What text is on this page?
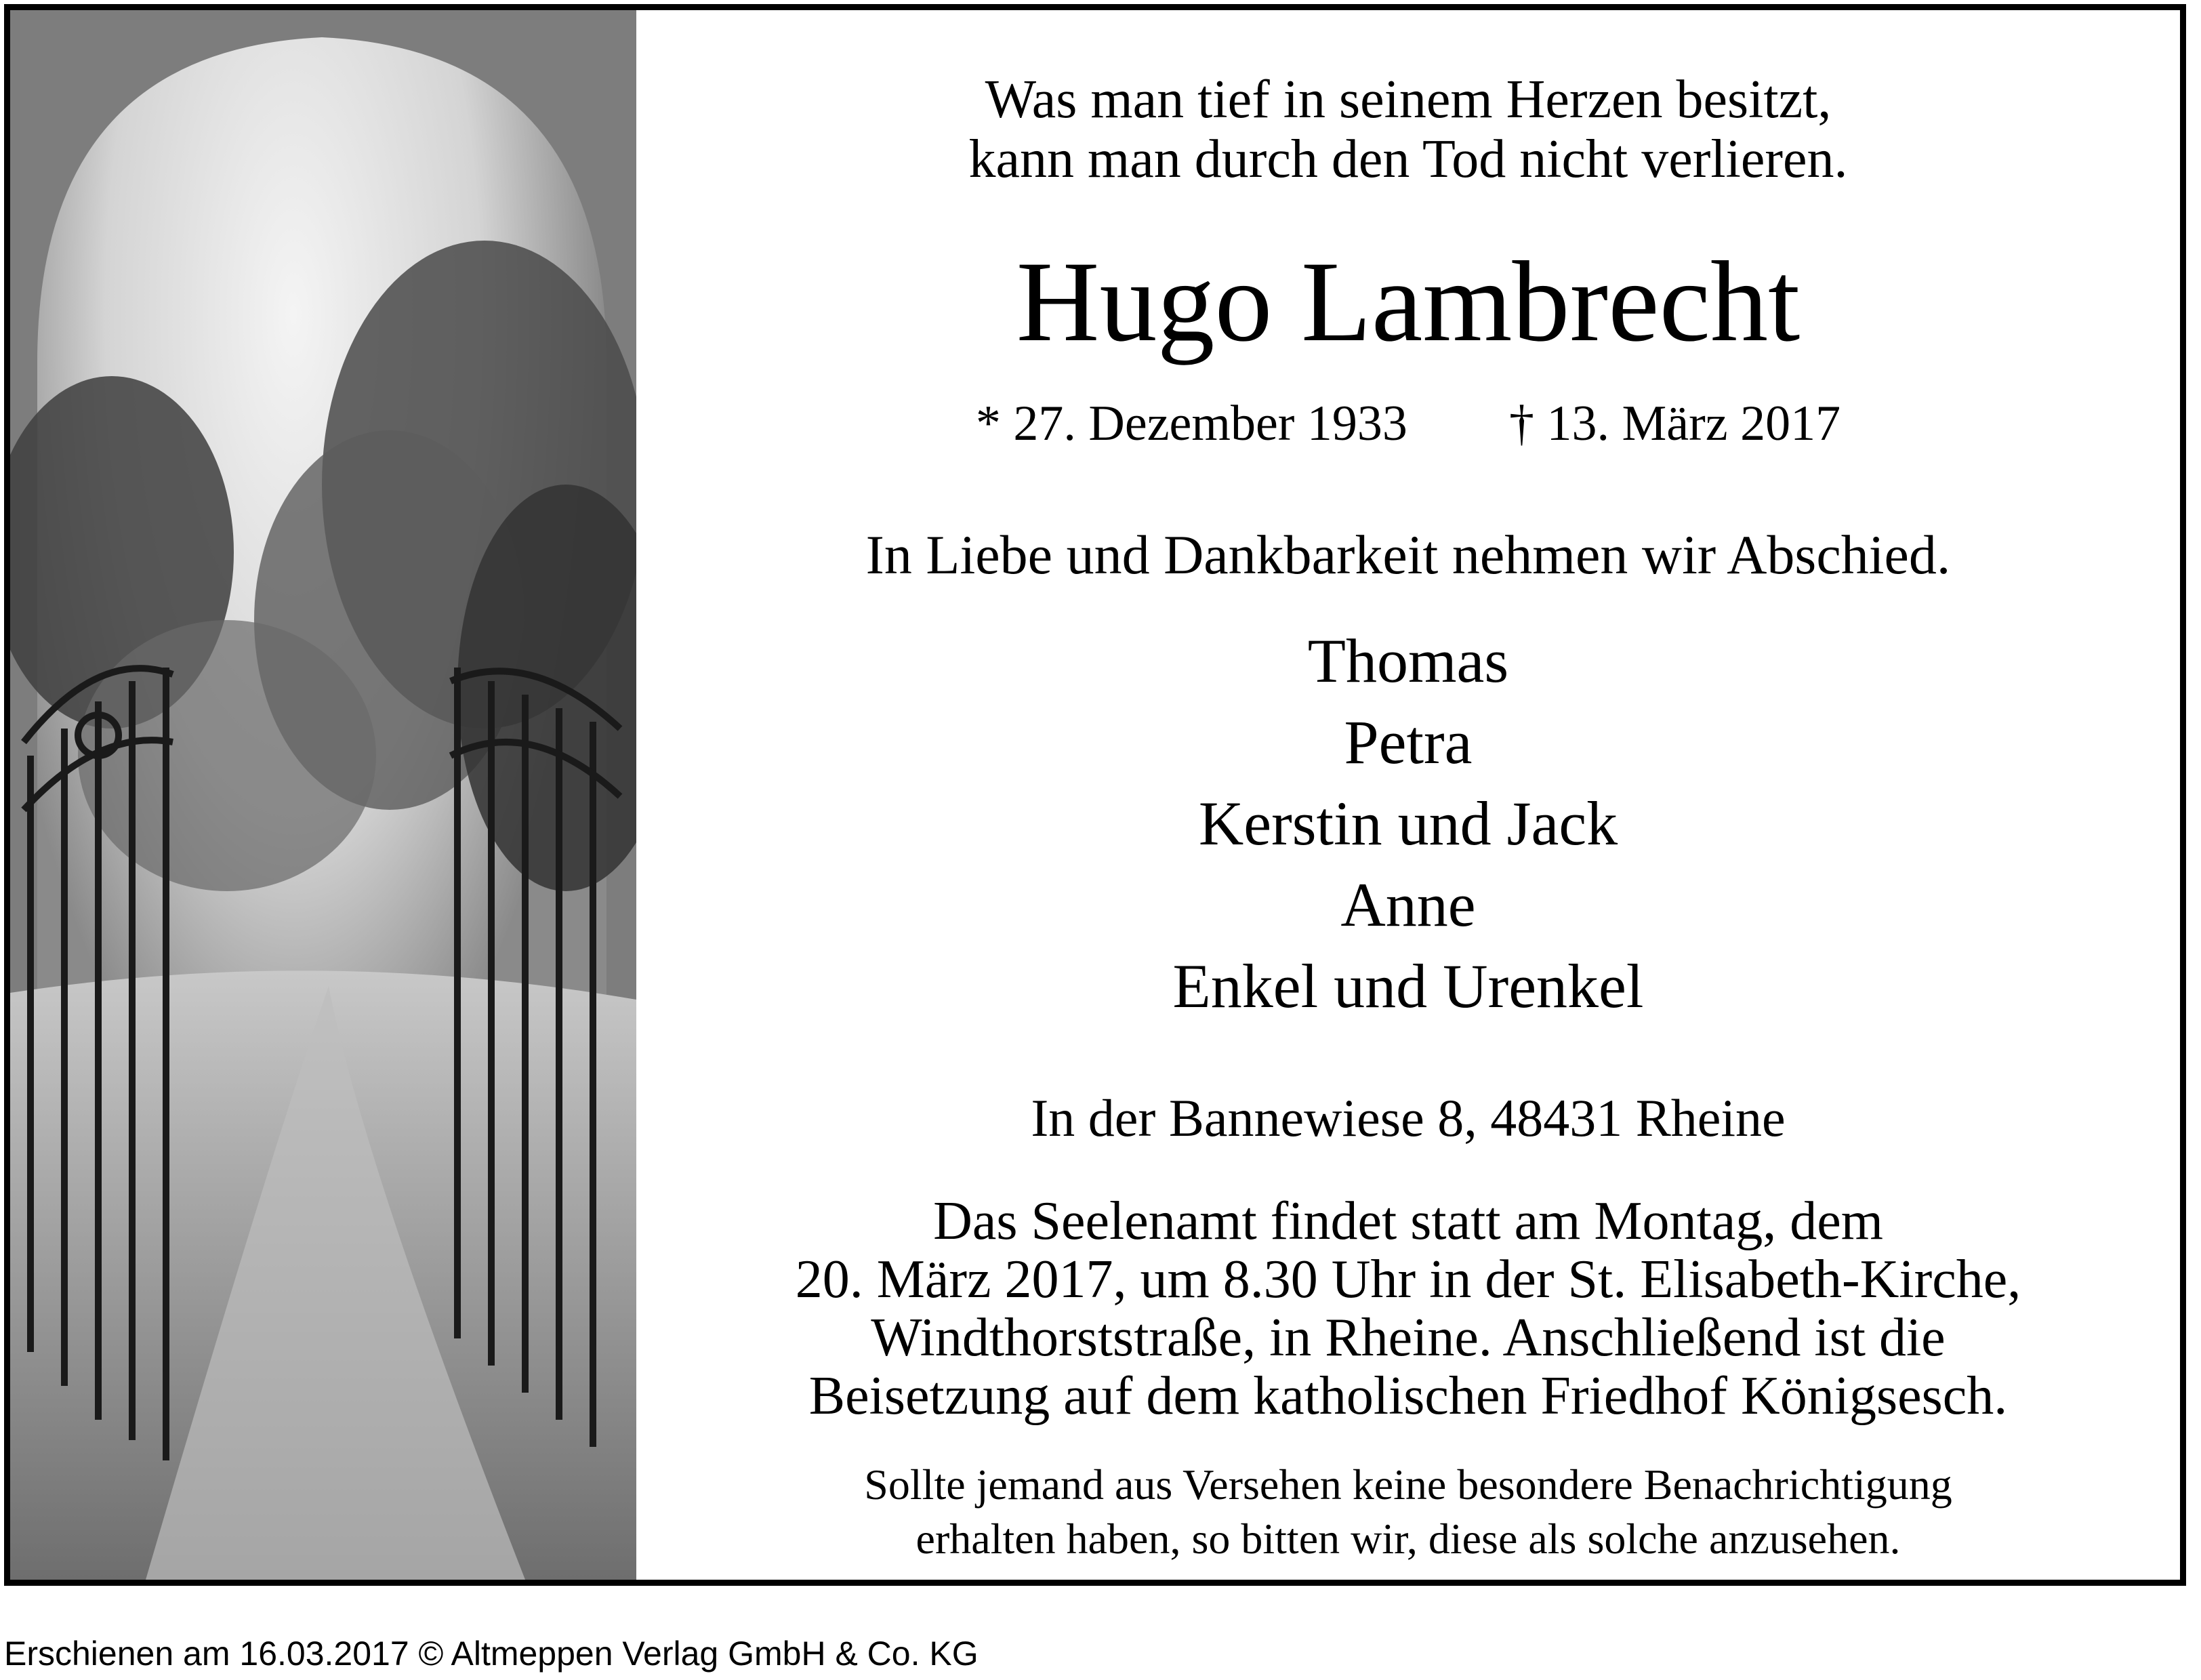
Was man tief in seinem Herzen besitzt,
kann man durch den Tod nicht verlieren.
Hugo Lambrecht
* 27. Dezember 1933 † 13. März 2017
In Liebe und Dankbarkeit nehmen wir Abschied.
Thomas
Petra
Kerstin und Jack
Anne
Enkel und Urenkel
In der Bannewiese 8, 48431 Rheine
Das Seelenamt findet statt am Montag, dem
20. März 2017, um 8.30 Uhr in der St. Elisabeth-Kirche,
Windthorststraße, in Rheine. Anschließend ist die
Beisetzung auf dem katholischen Friedhof Königsesch.
Sollte jemand aus Versehen keine besondere Benachrichtigung
erhalten haben, so bitten wir, diese als solche anzusehen.
Erschienen am 16.03.2017 © Altmeppen Verlag GmbH & Co. KG
